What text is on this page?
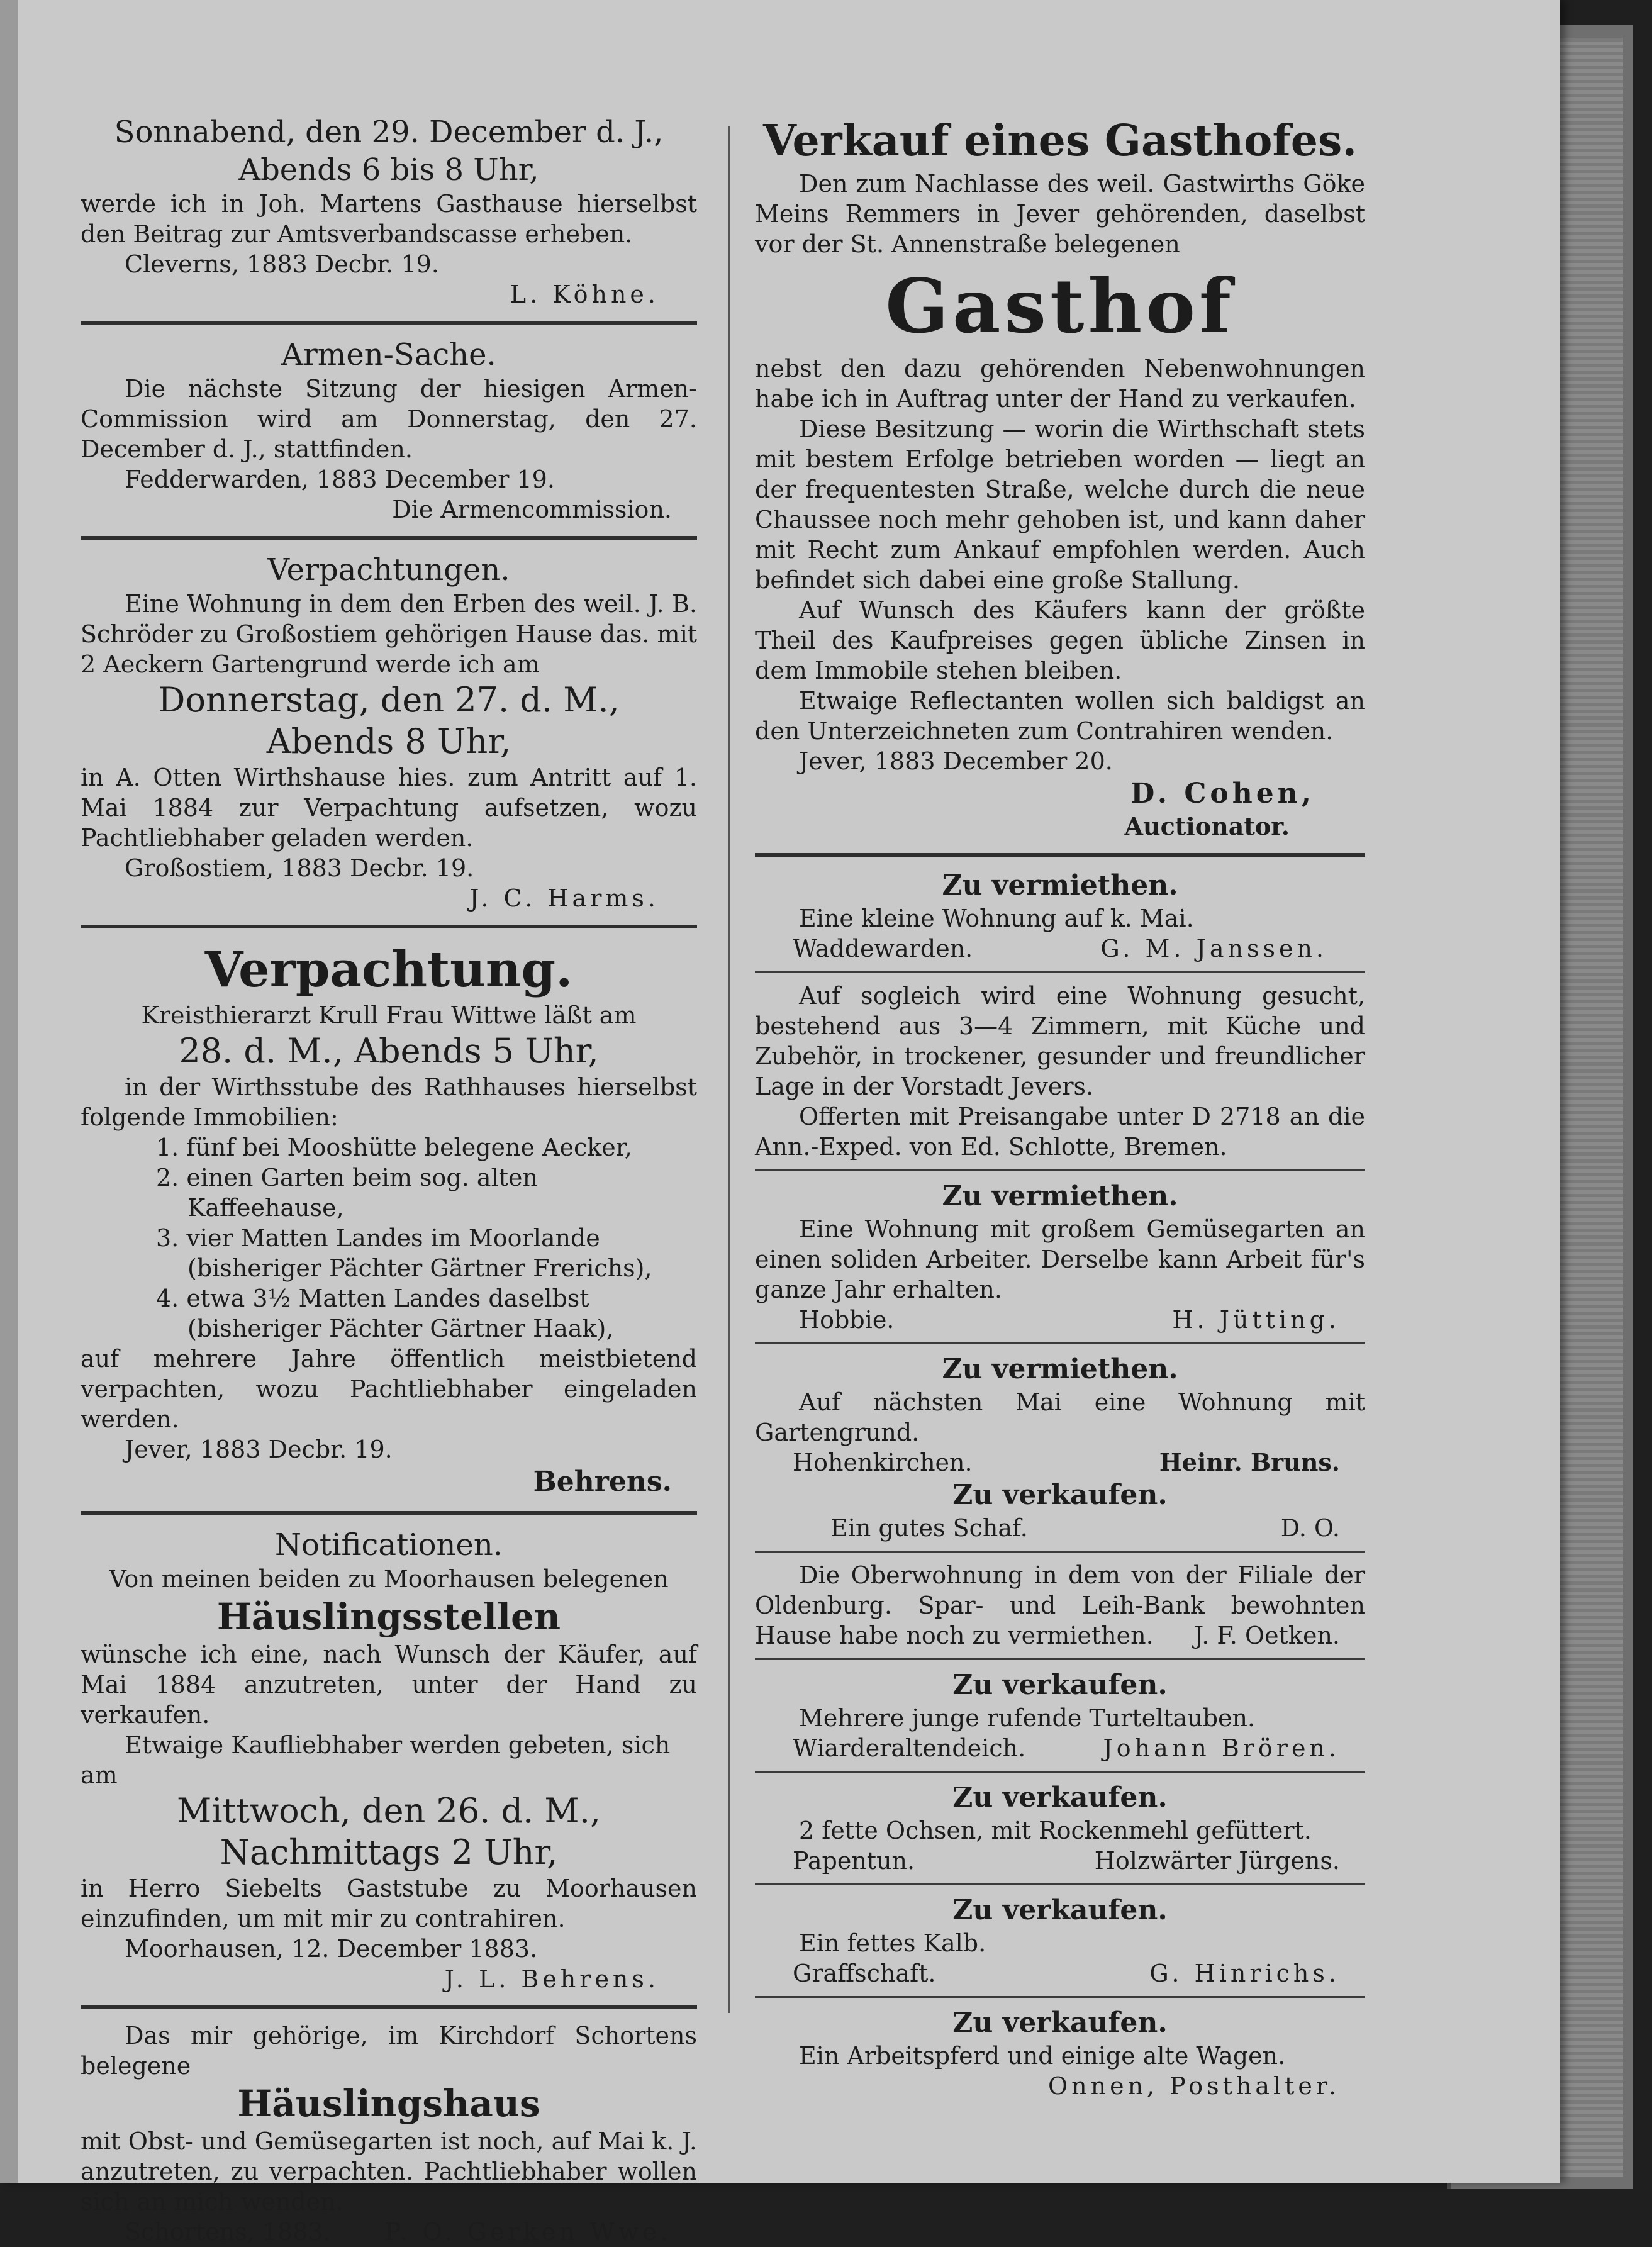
Sonnabend, den 29. December d. J.,
Abends 6 bis 8 Uhr,
werde ich in Joh. Martens Gasthause hierselbst den Beitrag zur Amtsverbandscasse erheben.
Cleverns, 1883 Decbr. 19.
L. Köhne.
Armen-Sache.
Die nächste Sitzung der hiesigen Armen-Commission wird am Donnerstag, den 27. December d. J., stattfinden.
Fedderwarden, 1883 December 19.
Die Armencommission.
Verpachtungen.
Eine Wohnung in dem den Erben des weil. J. B. Schröder zu Großostiem gehörigen Hause das. mit 2 Aeckern Gartengrund werde ich am
Donnerstag, den 27. d. M.,
Abends 8 Uhr,
in A. Otten Wirthshause hies. zum Antritt auf 1. Mai 1884 zur Verpachtung aufsetzen, wozu Pachtliebhaber geladen werden.
Großostiem, 1883 Decbr. 19.
J. C. Harms.
Verpachtung.
Kreisthierarzt Krull Frau Wittwe läßt am
28. d. M., Abends 5 Uhr,
in der Wirthsstube des Rathhauses hierselbst folgende Immobilien:
1. fünf bei Mooshütte belegene Aecker,
2. einen Garten beim sog. alten Kaffeehause,
3. vier Matten Landes im Moorlande (bisheriger Pächter Gärtner Frerichs),
4. etwa 3½ Matten Landes daselbst (bisheriger Pächter Gärtner Haak),
auf mehrere Jahre öffentlich meistbietend verpachten, wozu Pachtliebhaber eingeladen werden.
Jever, 1883 Decbr. 19.
Behrens.
Notificationen.
Von meinen beiden zu Moorhausen belegenen
Häuslingsstellen
wünsche ich eine, nach Wunsch der Käufer, auf Mai 1884 anzutreten, unter der Hand zu verkaufen.
Etwaige Kaufliebhaber werden gebeten, sich am
Mittwoch, den 26. d. M.,
Nachmittags 2 Uhr,
in Herro Siebelts Gaststube zu Moorhausen einzufinden, um mit mir zu contrahiren.
Moorhausen, 12. December 1883.
J. L. Behrens.
Das mir gehörige, im Kirchdorf Schortens belegene
Häuslingshaus
mit Obst- und Gemüsegarten ist noch, auf Mai k. J. anzutreten, zu verpachten. Pachtliebhaber wollen sich an mich wenden.
Schortens, 1883. P. O. Gerken Wwe.
Verkauf eines Gasthofes.
Den zum Nachlasse des weil. Gastwirths Göke Meins Remmers in Jever gehörenden, daselbst vor der St. Annenstraße belegenen
Gasthof
nebst den dazu gehörenden Nebenwohnungen habe ich in Auftrag unter der Hand zu verkaufen.
Diese Besitzung — worin die Wirthschaft stets mit bestem Erfolge betrieben worden — liegt an der frequentesten Straße, welche durch die neue Chaussee noch mehr gehoben ist, und kann daher mit Recht zum Ankauf empfohlen werden. Auch befindet sich dabei eine große Stallung.
Auf Wunsch des Käufers kann der größte Theil des Kaufpreises gegen übliche Zinsen in dem Immobile stehen bleiben.
Etwaige Reflectanten wollen sich baldigst an den Unterzeichneten zum Contrahiren wenden.
Jever, 1883 December 20.
D. Cohen,
Auctionator.
Zu vermiethen.
Eine kleine Wohnung auf k. Mai.
Waddewarden.	G. M. Janssen.
Auf sogleich wird eine Wohnung gesucht, bestehend aus 3—4 Zimmern, mit Küche und Zubehör, in trockener, gesunder und freundlicher Lage in der Vorstadt Jevers.
Offerten mit Preisangabe unter D 2718 an die Ann.-Exped. von Ed. Schlotte, Bremen.
Zu vermiethen.
Eine Wohnung mit großem Gemüsegarten an einen soliden Arbeiter. Derselbe kann Arbeit für's ganze Jahr erhalten.
Hobbie.	H. Jütting.
Zu vermiethen.
Auf nächsten Mai eine Wohnung mit Gartengrund.
Hohenkirchen.	Heinr. Bruns.
Zu verkaufen.
Ein gutes Schaf.	D. O.
Die Oberwohnung in dem von der Filiale der Oldenburg. Spar- und Leih-Bank bewohnten Hause habe noch zu vermiethen.	J. F. Oetken.
Zu verkaufen.
Mehrere junge rufende Turteltauben.
Wiarderaltendeich.	Johann Brören.
Zu verkaufen.
2 fette Ochsen, mit Rockenmehl gefüttert.
Papentun.	Holzwärter Jürgens.
Zu verkaufen.
Ein fettes Kalb.
Graffschaft.	G. Hinrichs.
Zu verkaufen.
Ein Arbeitspferd und einige alte Wagen.
Onnen, Posthalter.
